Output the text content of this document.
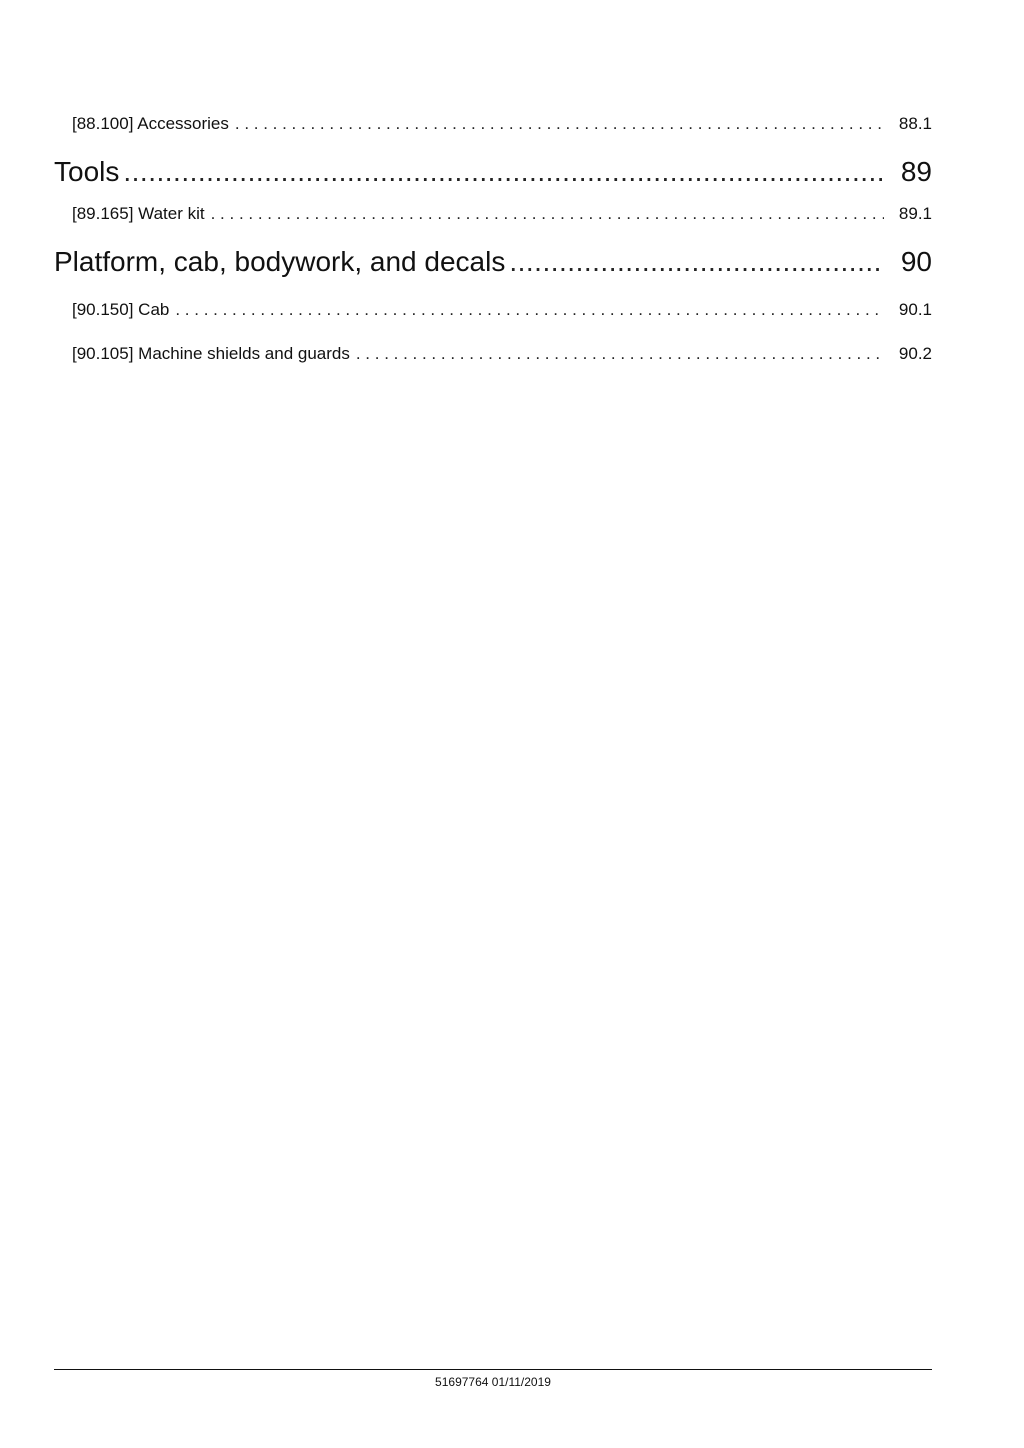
[88.100] Accessories . . .	88.1
Tools .....	89
[89.165] Water kit . . .	89.1
Platform, cab, bodywork, and decals .....	90
[90.150] Cab . . .	90.1
[90.105] Machine shields and guards . . .	90.2
51697764 01/11/2019
